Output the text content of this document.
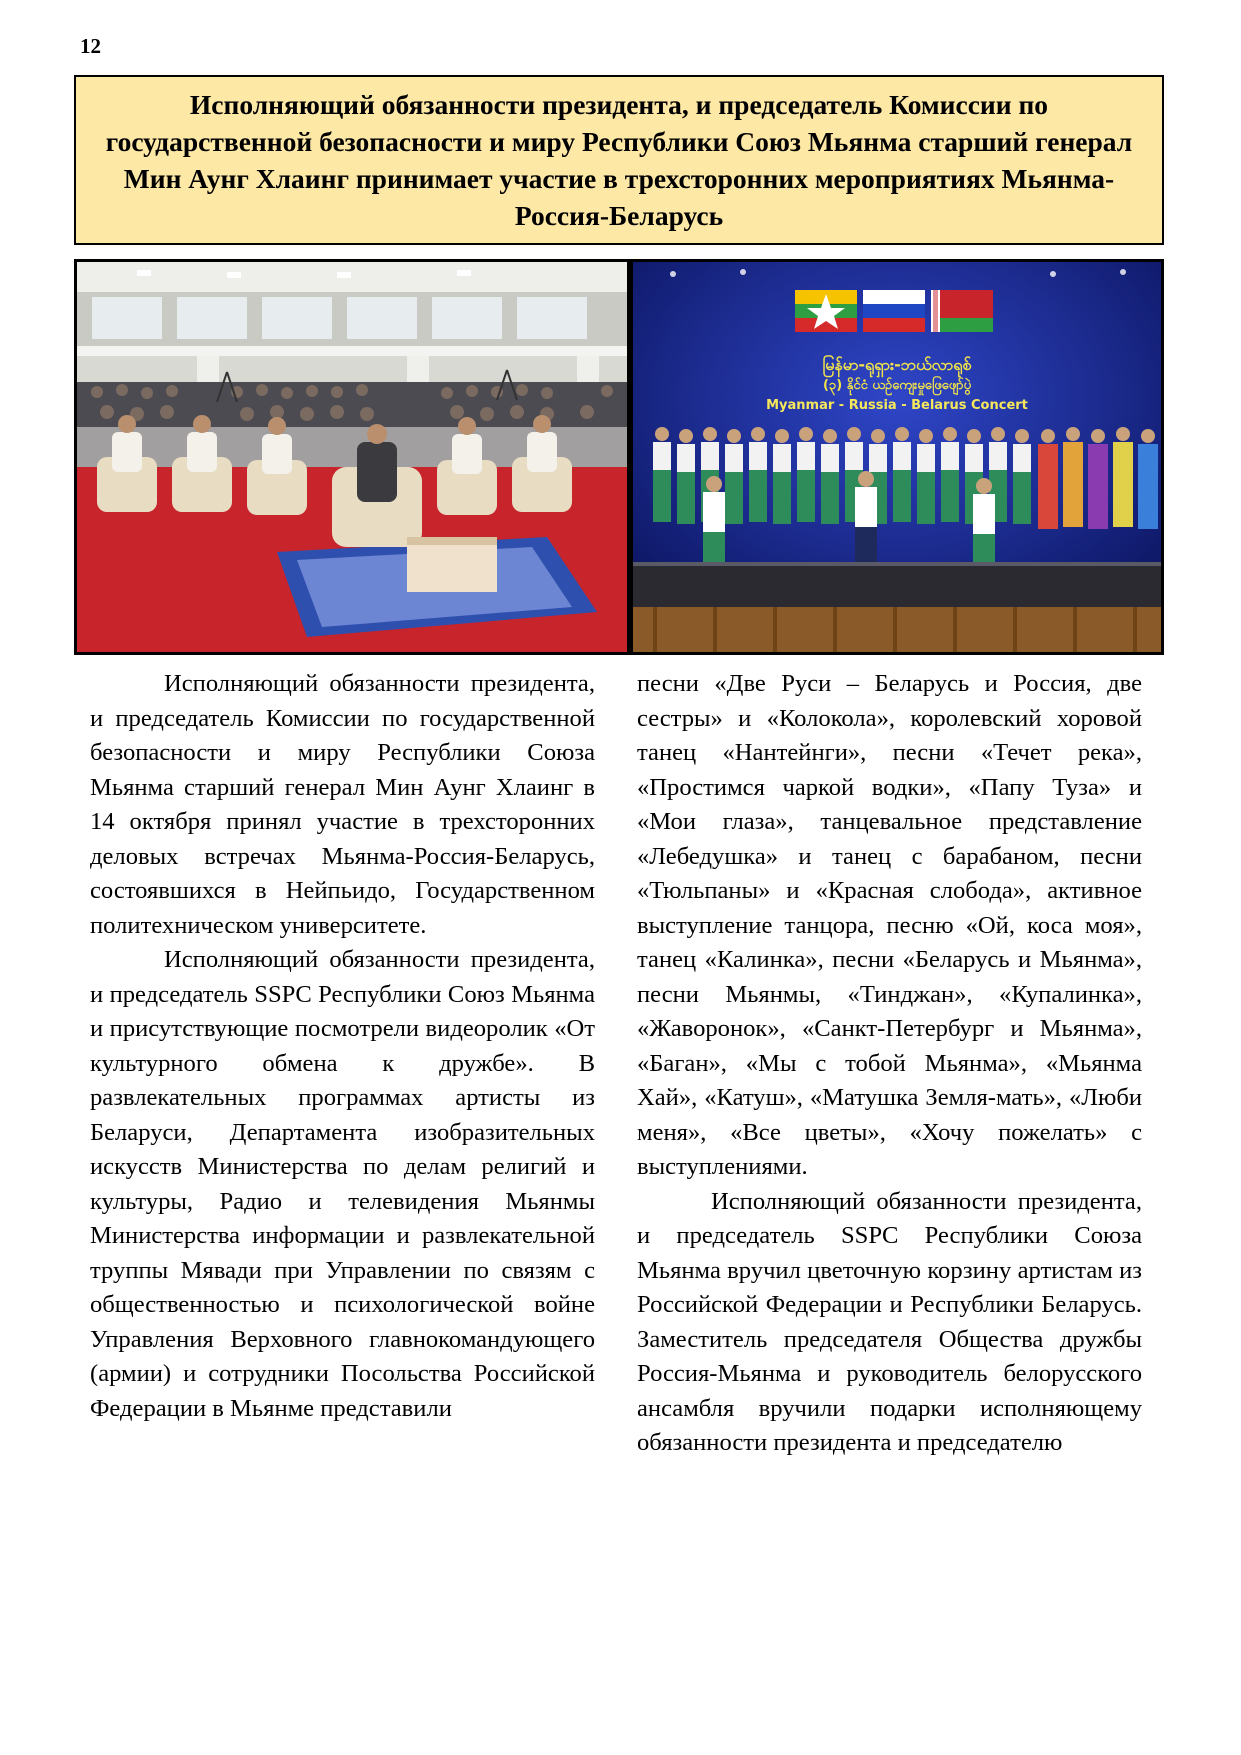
12
Исполняющий обязанности президента, и председатель Комиссии по государственной безопасности и миру Республики Союз Мьянма старший генерал Мин Аунг Хлаинг принимает участие в трехсторонних мероприятиях Мьянма-Россия-Беларусь
မြန်မာ-ရုရှား-ဘယ်လာရုစ်
(၃) နိုင်ငံ ယဉ်ကျေးမှုဖြေဖျော်ပွဲ
Myanmar - Russia - Belarus Concert

Исполняющий обязанности президента, и председатель Комиссии по государственной безопасности и миру Республики Союза Мьянма старший генерал Мин Аунг Хлаинг в 14 октября принял участие в трехсторонних деловых встречах Мьянма-Россия-Беларусь, состоявшихся в Нейпьидо, Государственном политехническом университете.

Исполняющий обязанности президента, и председатель SSPC Республики Союз Мьянма и присутствующие посмотрели видеоролик «От культурного обмена к дружбе». В развлекательных программах артисты из Беларуси, Департамента изобразительных искусств Министерства по делам религий и культуры, Радио и телевидения Мьянмы Министерства информации и развлекательной труппы Мявади при Управлении по связям с общественностью и психологической войне Управления Верховного главнокомандующего (армии) и сотрудники Посольства Российской Федерации в Мьянме представили

песни «Две Руси – Беларусь и Россия, две сестры» и «Колокола», королевский хоровой танец «Нантейнги», песни «Течет река», «Простимся чаркой водки», «Папу Туза» и «Мои глаза», танцевальное представление «Лебедушка» и танец с барабаном, песни «Тюльпаны» и «Красная слобода», активное выступление танцора, песню «Ой, коса моя», танец «Калинка», песни «Беларусь и Мьянма», песни Мьянмы, «Тинджан», «Купалинка», «Жаворонок», «Санкт-Петербург и Мьянма», «Баган», «Мы с тобой Мьянма», «Мьянма Хай», «Катуш», «Матушка Земля-мать», «Люби меня», «Все цветы», «Хочу пожелать» с выступлениями.

Исполняющий обязанности президента, и председатель SSPC Республики Союза Мьянма вручил цветочную корзину артистам из Российской Федерации и Республики Беларусь. Заместитель председателя Общества дружбы Россия-Мьянма и руководитель белорусского ансамбля вручили подарки исполняющему обязанности президента и председателю
